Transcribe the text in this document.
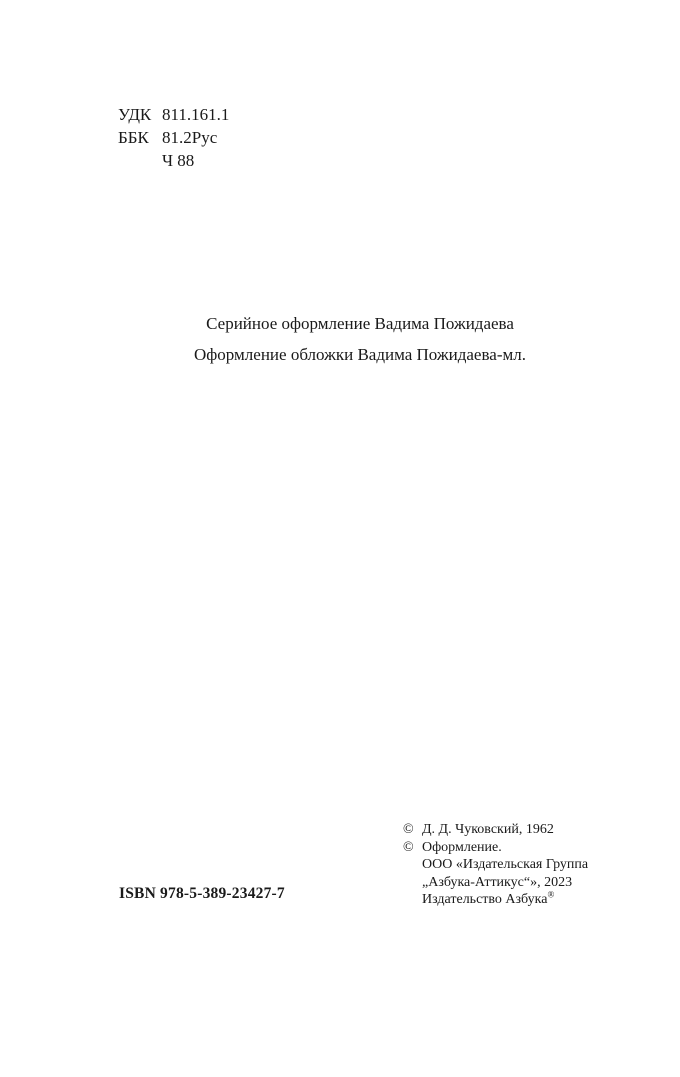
УДК 811.161.1
ББК 81.2Рус
Ч 88
Серийное оформление Вадима Пожидаева
Оформление обложки Вадима Пожидаева-мл.
ISBN 978-5-389-23427-7
© Д. Д. Чуковский, 1962
© Оформление.
ООО «Издательская Группа
„Азбука-Аттикус“», 2023
Издательство Азбука®
